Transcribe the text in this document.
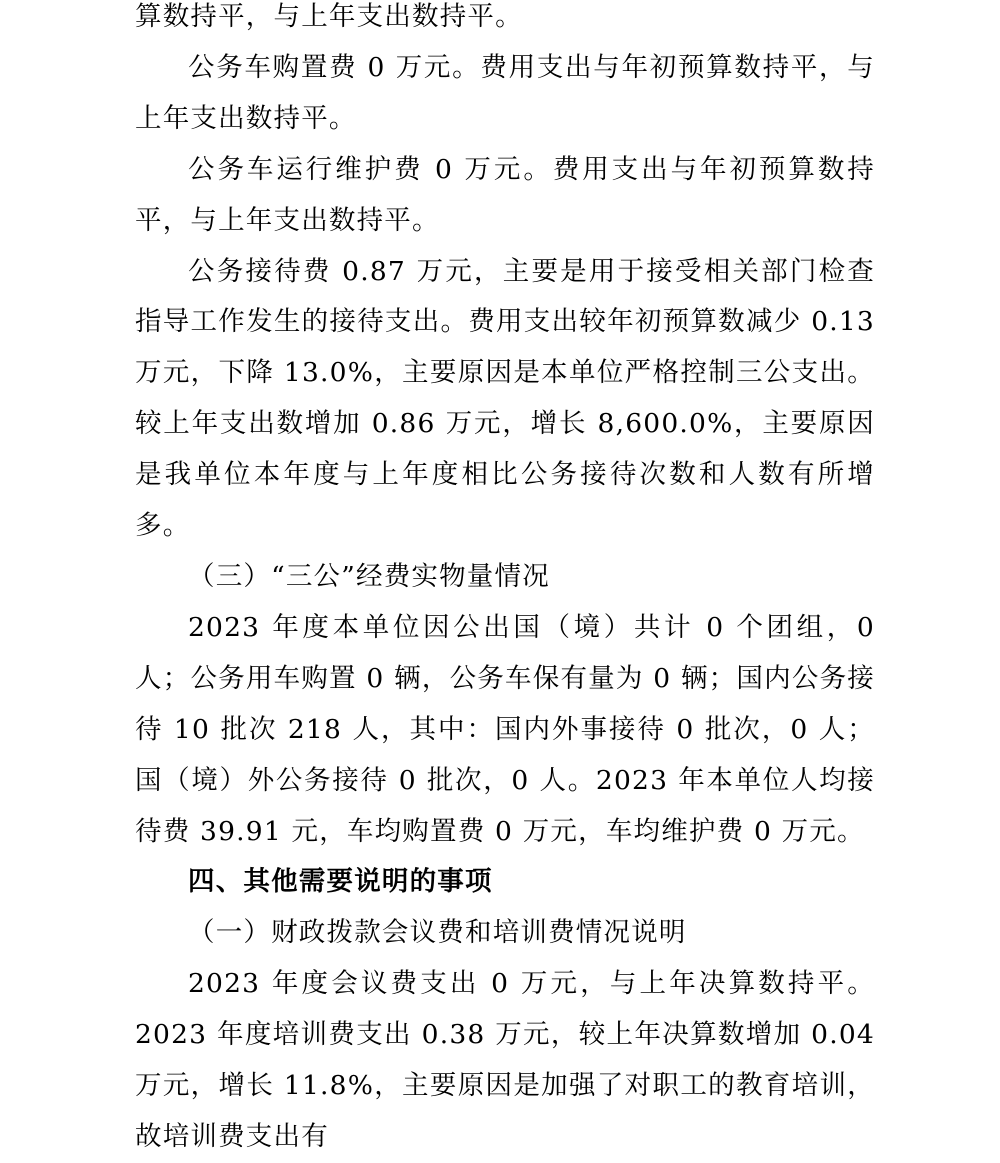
算数持平，与上年支出数持平。

公务车购置费 0 万元。费用支出与年初预算数持平，与上年支出数持平。

公务车运行维护费 0 万元。费用支出与年初预算数持平，与上年支出数持平。

公务接待费 0.87 万元，主要是用于接受相关部门检查指导工作发生的接待支出。费用支出较年初预算数减少 0.13 万元，下降 13.0%，主要原因是本单位严格控制三公支出。较上年支出数增加 0.86 万元，增长 8,600.0%，主要原因是我单位本年度与上年度相比公务接待次数和人数有所增多。

（三）“三公”经费实物量情况

2023 年度本单位因公出国（境）共计 0 个团组，0 人；公务用车购置 0 辆，公务车保有量为 0 辆；国内公务接待 10 批次 218 人，其中：国内外事接待 0 批次，0 人；国（境）外公务接待 0 批次，0 人。2023 年本单位人均接待费 39.91 元，车均购置费 0 万元，车均维护费 0 万元。

四、其他需要说明的事项

（一）财政拨款会议费和培训费情况说明

2023 年度会议费支出 0 万元，与上年决算数持平。2023 年度培训费支出 0.38 万元，较上年决算数增加 0.04 万元，增长 11.8%，主要原因是加强了对职工的教育培训，故培训费支出有
